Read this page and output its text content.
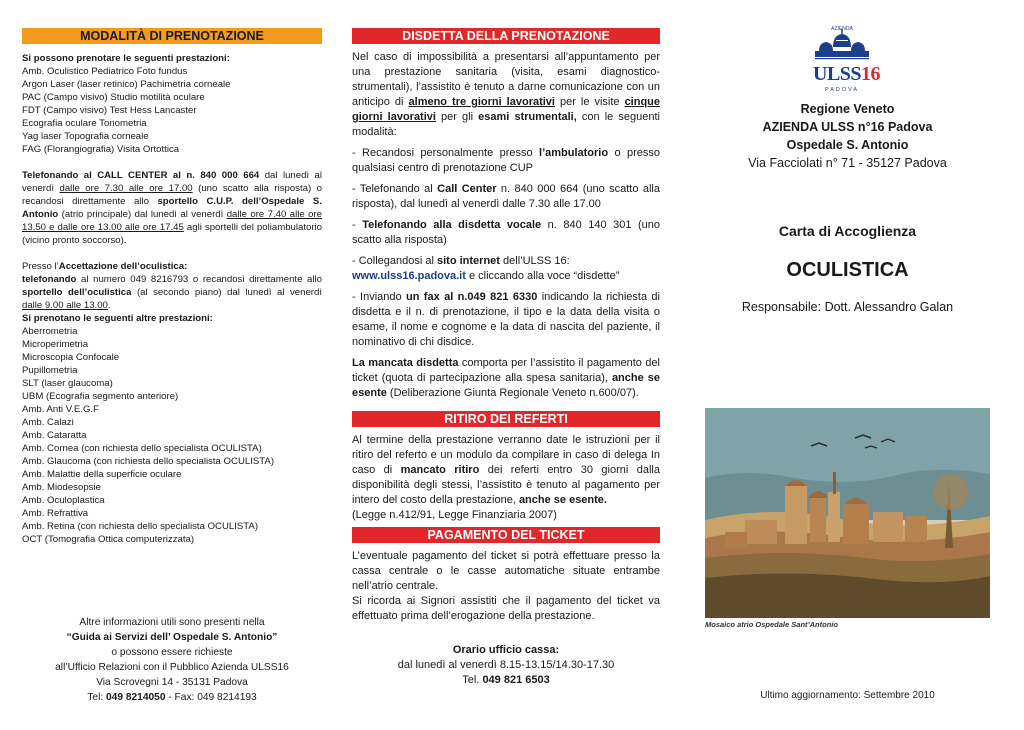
MODALITÀ DI PRENOTAZIONE

Si possono prenotare le seguenti prestazioni:

Amb. Oculistico Pediatrico Foto fundus

Argon Laser (laser retinico) Pachimetria corneale

PAC (Campo visivo) Studio motilità oculare

FDT (Campo visivo) Test Hess Lancaster

Ecografia oculare Tonometria

Yag laser Topografia corneale

FAG (Florangiografia) Visita Ortottica

Telefonando al CALL CENTER al n. 840 000 664 dal lunedì al venerdì dalle ore 7.30 alle ore 17.00 (uno scatto alla risposta) o recandosi direttamente allo sportello C.U.P. dell’Ospedale S. Antonio (atrio principale) dal lunedì al venerdì dalle ore 7.40 alle ore 13.50 e dalle ore 13.00 alle ore 17.45 agli sportelli del poliambulatorio (vicino pronto soccorso).

Presso l’Accettazione dell’oculistica:

telefonando al numero 049 8216793 o recandosi direttamente allo sportello dell’oculistica (al secondo piano) dal lunedì al venerdì dalle 9.00 alle 13.00.

Si prenotano le seguenti altre prestazioni:

Aberrometria

Microperimetria

Microscopia Confocale

Pupillometria

SLT (laser glaucoma)

UBM (Ecografia segmento anteriore)

Amb. Anti V.E.G.F

Amb. Calazi

Amb. Cataratta

Amb. Cornea (con richiesta dello specialista OCULISTA)

Amb. Glaucoma (con richiesta dello specialista OCULISTA)

Amb. Malattie della superficie oculare

Amb. Miodesopsie

Amb. Oculoplastica

Amb. Refrattiva

Amb. Retina (con richiesta dello specialista OCULISTA)

OCT (Tomografia Ottica computerizzata)

Altre informazioni utili sono presenti nella

“Guida ai Servizi dell’ Ospedale S. Antonio”

o possono essere richieste

all’Ufficio Relazioni con il Pubblico Azienda ULSS16

Via Scrovegni 14 - 35131 Padova

Tel: 049 8214050 - Fax: 049 8214193

DISDETTA DELLA PRENOTAZIONE

Nel caso di impossibilità a presentarsi all’appuntamento per una prestazione sanitaria (visita, esami diagnostico-strumentali), l’assistito è tenuto a darne comunicazione con un anticipo di almeno tre giorni lavorativi per le visite cinque giorni lavorativi per gli esami strumentali, con le seguenti modalità:

- Recandosi personalmente presso l’ambulatorio o presso qualsiasi centro di prenotazione CUP

- Telefonando al Call Center n. 840 000 664 (uno scatto alla risposta), dal lunedì al venerdì dalle 7.30 alle 17.00

- Telefonando alla disdetta vocale n. 840 140 301 (uno scatto alla risposta)

- Collegandosi al sito internet dell’ULSS 16:
www.ulss16.padova.it e cliccando alla voce “disdette”

- Inviando un fax al n.049 821 6330 indicando la richiesta di disdetta e il n. di prenotazione, il tipo e la data della visita o esame, il nome e cognome e la data di nascita del paziente, il nominativo di chi disdice.

La mancata disdetta comporta per l’assistito il pagamento del ticket (quota di partecipazione alla spesa sanitaria), anche se esente (Deliberazione Giunta Regionale Veneto n.600/07).

RITIRO DEI REFERTI

Al termine della prestazione verranno date le istruzioni per il ritiro del referto e un modulo da compilare in caso di delega In caso di mancato ritiro dei referti entro 30 giorni dalla disponibilità degli stessi, l’assistito è tenuto al pagamento per intero del costo della prestazione, anche se esente.

(Legge n.412/91, Legge Finanziaria 2007)

PAGAMENTO DEL TICKET

L’eventuale pagamento del ticket si potrà effettuare presso la cassa centrale o le casse automatiche situate entrambe nell’atrio centrale.

Si ricorda ai Signori assistiti che il pagamento del ticket va effettuato prima dell’erogazione della prestazione.

Orario ufficio cassa:

dal lunedì al venerdì 8.15-13.15/14.30-17.30

Tel. 049 821 6503

AZIENDA
ULSS16
PADOVA

Regione Veneto

AZIENDA ULSS n°16 Padova

Ospedale S. Antonio

Via Facciolati n° 71 - 35127 Padova

Carta di Accoglienza
OCULISTICA
Responsabile: Dott. Alessandro Galan
Mosaico atrio Ospedale Sant’Antonio
Ultimo aggiornamento: Settembre 2010
